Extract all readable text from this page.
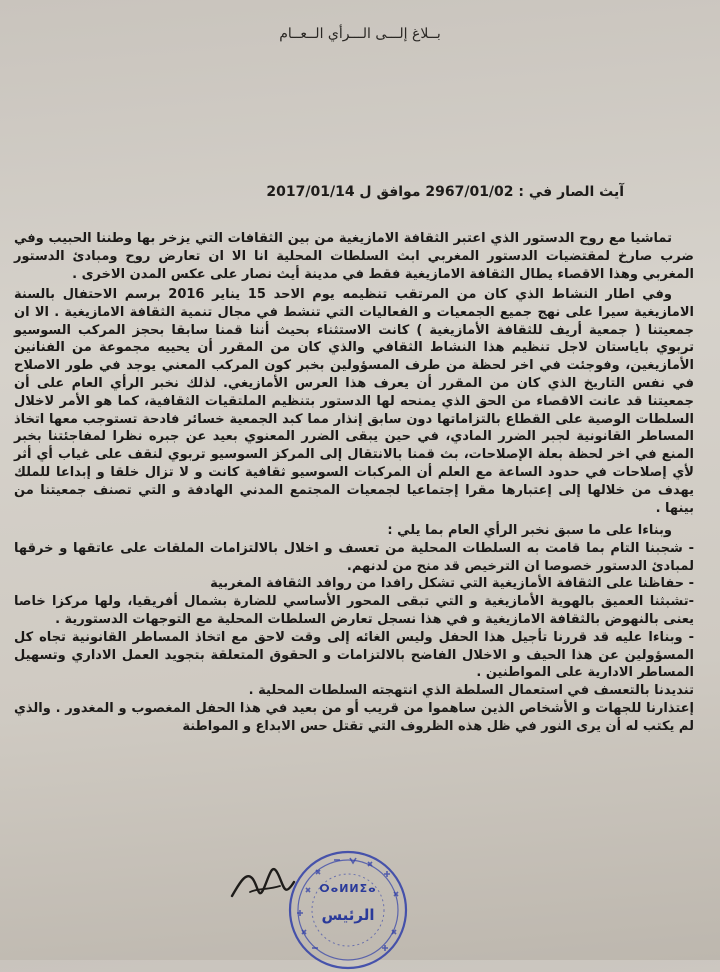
بــلاغ إلـــى الـــرأي الــعــام
آيث الصار في : 2967/01/02 موافق ل 2017/01/14
تماشيا مع روح الدستور الذي اعتبر الثقافة الامازيغية من بين الثقافات التي يزخر بها وطننا الحبيب وفي ضرب صارخ لمقتضيات الدستور المغربي ابث السلطات المحلية انا الا ان تعارض روح ومبادئ الدستور المغربي وهذا الاقصاء يطال الثقافة الامازيغية فقط في مدينة أيث نصار على عكس المدن الاخرى .
وفي اطار النشاط الذي كان من المرتقب تنظيمه يوم الاحد 15 يناير 2016 برسم الاحتفال بالسنة الامازيغية سيرا على نهج جميع الجمعيات و الفعاليات التي تنشط في مجال تنمية الثقافة الامازيغية . الا ان جمعيتنا ( جمعية أريف للثقافة الأمازيغية ) كانت الاستثناء بحيث أننا قمنا سابقا بحجز المركب السوسيو تربوي باياستان لاجل تنظيم هذا النشاط الثقافي والذي كان من المقرر أن يحييه مجموعة من الفنانين الأمازيغين، وفوجئت في اخر لحظة من طرف المسؤولين بخبر كون المركب المعني يوجد في طور الاصلاح في نفس التاريخ الذي كان من المقرر أن يعرف هذا العرس الأمازيغي. لذلك نخبر الرأي العام على أن جمعيتنا قد عانت الاقصاء من الحق الذي يمنحه لها الدستور بتنظيم الملتقيات الثقافية، كما هو الأمر لاخلال السلطات الوصية على القطاع بالتزاماتها دون سابق إنذار مما كبد الجمعية خسائر فادحة تستوجب معها اتخاذ المساطر القانونية لجبر الضرر المادي، في حين يبقى الضرر المعنوي بعيد عن جبره نظرا لمفاجئتنا بخبر المنع في اخر لحظة بعلة الإصلاحات، بث قمنا بالانتقال إلى المركز السوسيو تربوي لنقف على غياب أي أثر لأي إصلاحات في حدود الساعة مع العلم أن المركبات السوسيو ثقافية كانت و لا تزال خلقا و إبداعا للملك يهدف من خلالها إلى إعتبارها مقرا إجتماعيا لجمعيات المجتمع المدني الهادفة و التي تصنف جمعيتنا من بينها .
وبناءا على ما سبق نخبر الرأي العام بما يلي :
- شجبنا التام بما قامت به السلطات المحلية من تعسف و اخلال بالالتزامات الملقات على عاتقها و خرقها لمبادئ الدستور خصوصا ان الترخيص قد منح من لدنهم.
- حفاظنا على الثقافة الأمازيغية التي تشكل رافدا من روافد الثقافة المغربية
-تشبثنا العميق بالهوية الأمازيغية و التي تبقى المحور الأساسي للضارة بشمال أفريقيا، ولها مركزا خاصا يعنى بالنهوض بالثقافة الامازيغية و في هذا نسجل تعارض السلطات المحلية مع التوجهات الدستورية .
- وبناءا عليه قد قررنا تأجيل هذا الحفل وليس الغائه إلى وقت لاحق مع اتخاذ المساطر القانونية تجاه كل المسؤولين عن هذا الحيف و الاخلال الفاضح بالالتزامات و الحقوق المتعلقة بتجويد العمل الاداري وتسهيل المساطر الادارية على المواطنين .
تنديدنا بالتعسف في استعمال السلطة الذي انتهجته السلطات المحلية .
إعتذارنا للجهات و الأشخاص الذين ساهموا من قريب أو من بعيد في هذا الحفل المغصوب و المغدور . والذي لم يكتب له أن يرى النور في ظل هذه الظروف التي تقتل حس الابداع و المواطنة
ⵔⴰⵍⵍⵉⴰ
الرئيس
